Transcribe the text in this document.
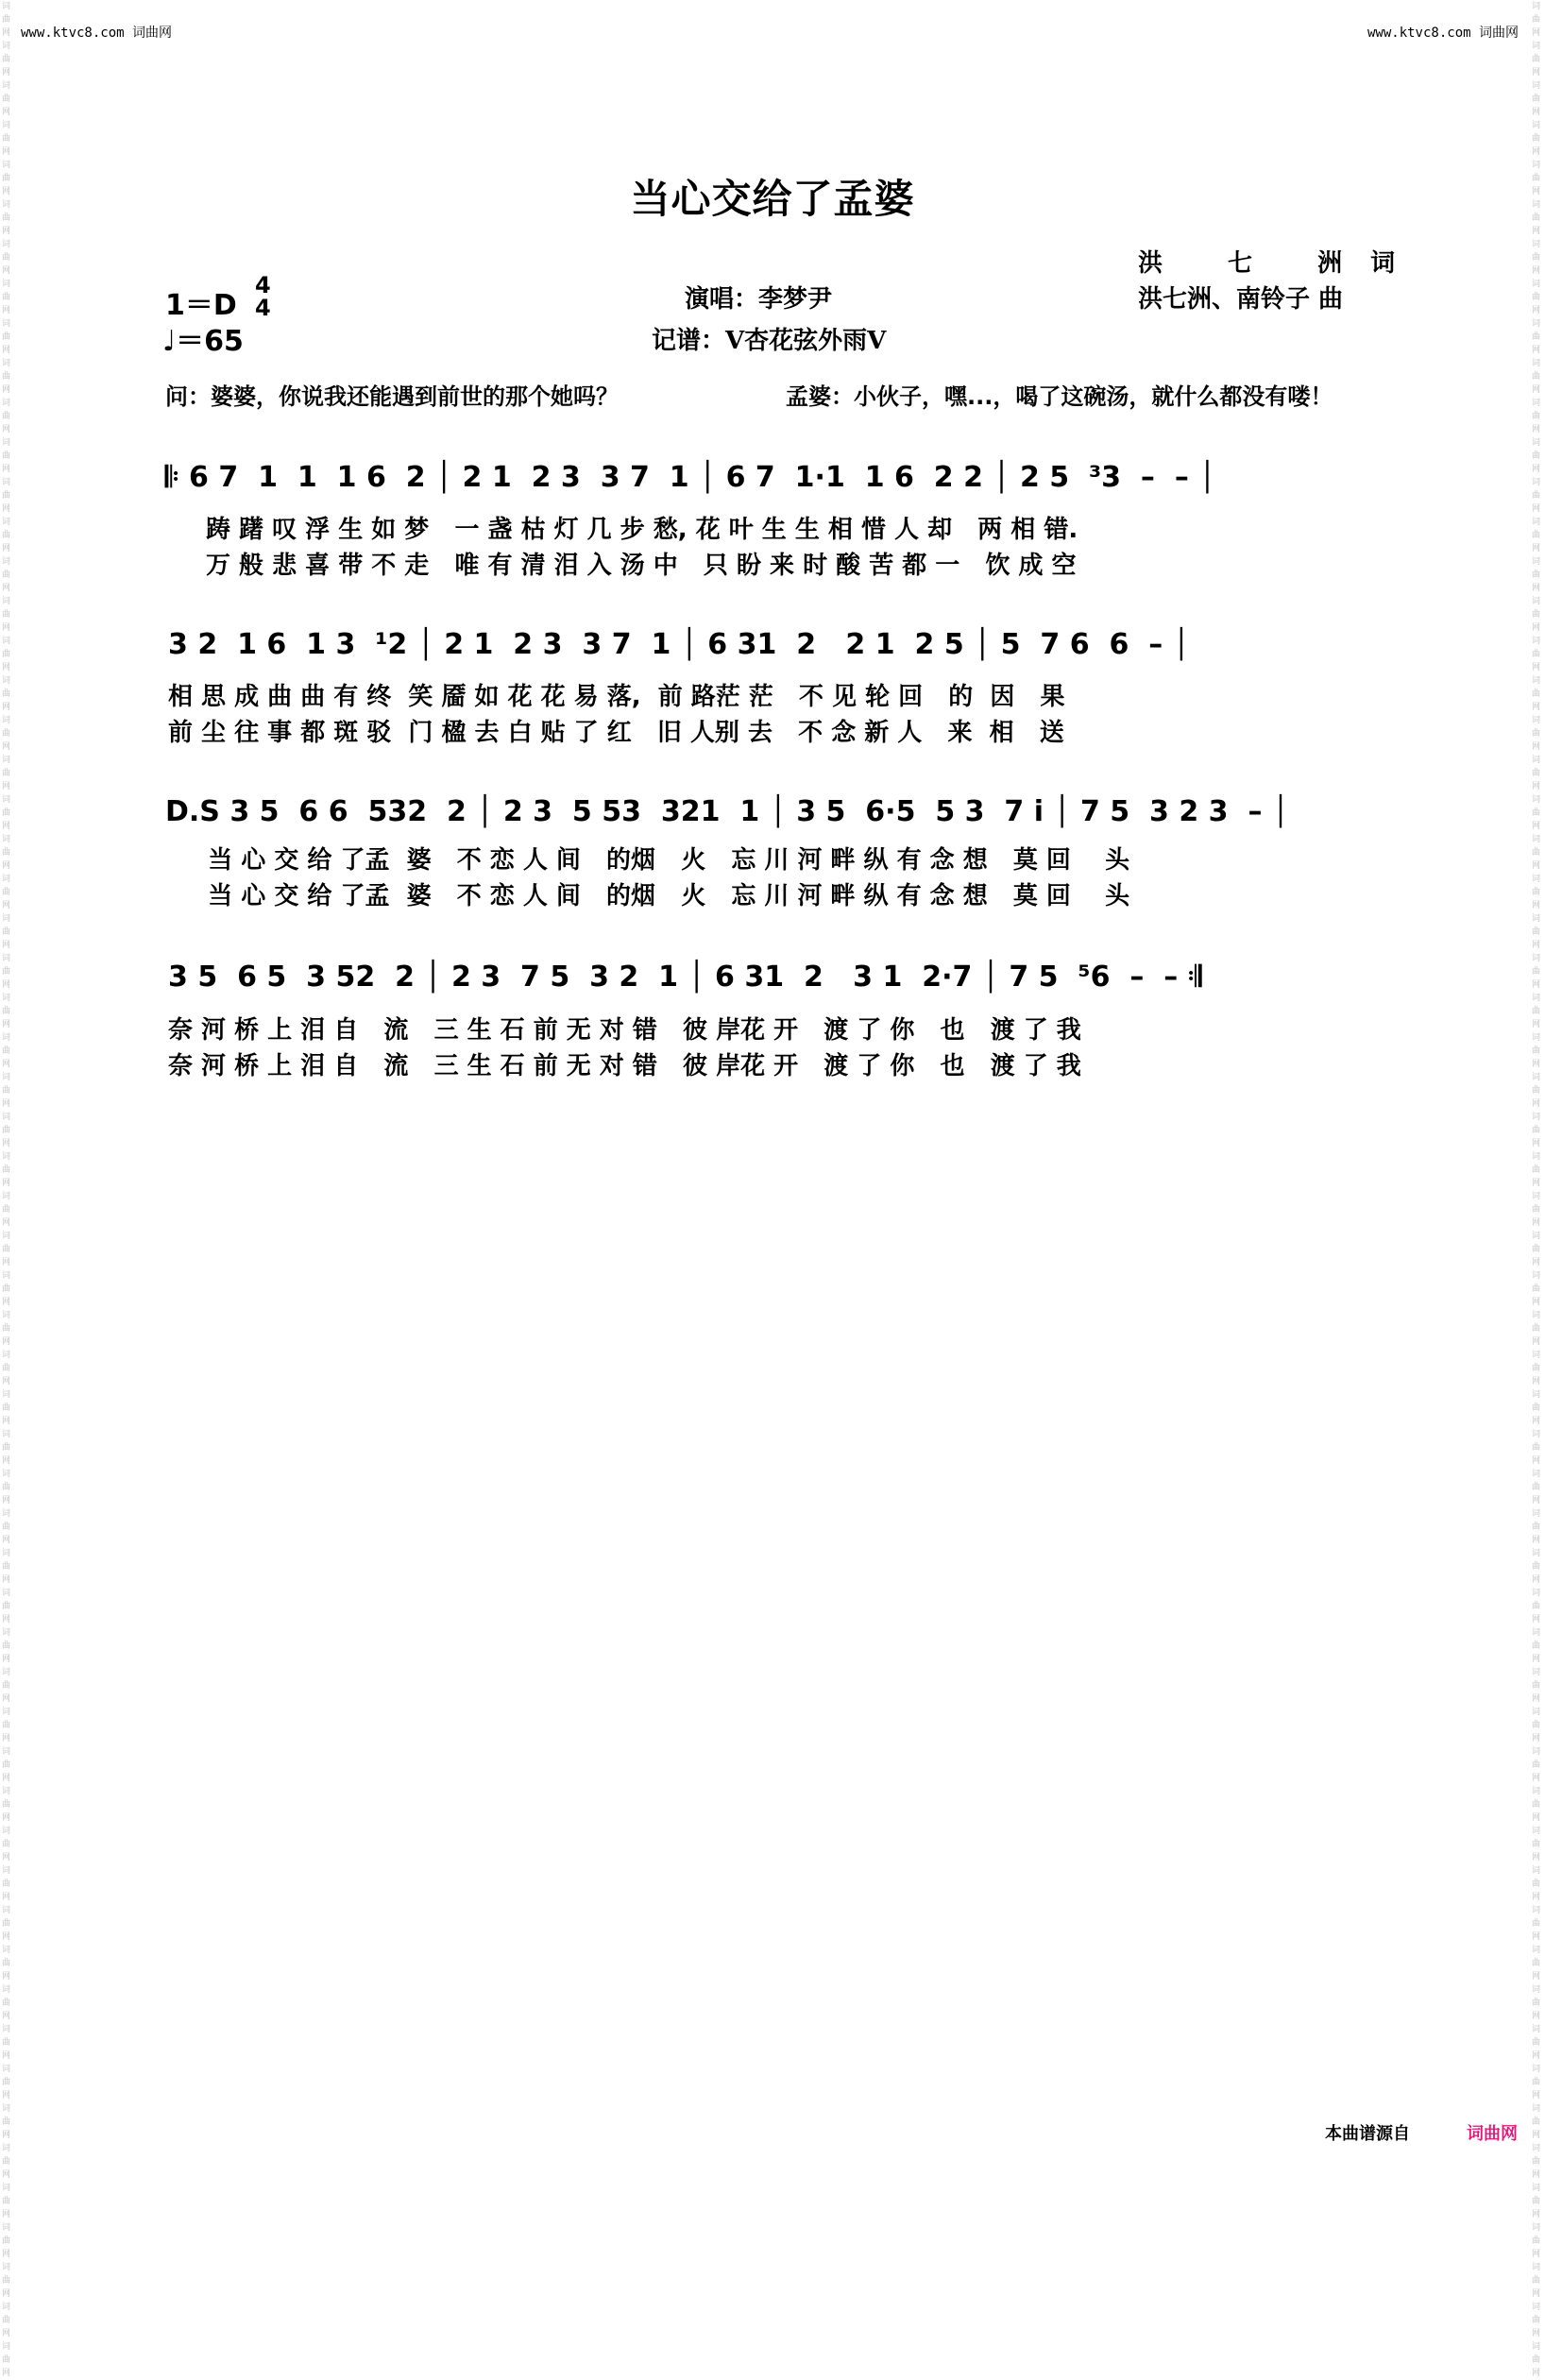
词曲网词曲网词曲网词曲网词曲网词曲网词曲网词曲网词曲网词曲网词曲网词曲网词曲网词曲网词曲网词曲网词曲网词曲网词曲网词曲网词曲网词曲网词曲网词曲网词曲网词曲网词曲网词曲网词曲网词曲网词曲网词曲网词曲网词曲网词曲网词曲网词曲网词曲网词曲网词曲网词曲网词曲网词曲网词曲网词曲网词曲网词曲网词曲网词曲网词曲网词曲网词曲网词曲网词曲网词曲网词曲网词曲网词曲网词曲网词曲网
词曲网词曲网词曲网词曲网词曲网词曲网词曲网词曲网词曲网词曲网词曲网词曲网词曲网词曲网词曲网词曲网词曲网词曲网词曲网词曲网词曲网词曲网词曲网词曲网词曲网词曲网词曲网词曲网词曲网词曲网词曲网词曲网词曲网词曲网词曲网词曲网词曲网词曲网词曲网词曲网词曲网词曲网词曲网词曲网词曲网词曲网词曲网词曲网词曲网词曲网词曲网词曲网词曲网词曲网词曲网词曲网词曲网词曲网词曲网词曲网
www.ktvc8.com 词曲网	www.ktvc8.com 词曲网
当心交给了孟婆
洪 七 洲词
洪七洲、南铃子 曲
演唱：李梦尹
记谱：V杏花弦外雨V
1＝D
4
4
♩＝65
问：婆婆，你说我还能遇到前世的那个她吗？	孟婆：小伙子，嘿...，喝了这碗汤，就什么都没有喽！
𝄆 6 7  1  1  1 6  2 │ 2 1  2 3  3 7  1 │ 6 7  1·1  1 6  2 2 │ 2 5  ³3  –  – │
踌 躇 叹 浮 生 如 梦   一 盏 枯 灯 几 步 愁, 花 叶 生 生 相 惜 人 却   两 相 错.
万 般 悲 喜 带 不 走   唯 有 清 泪 入 汤 中   只 盼 来 时 酸 苦 都 一   饮 成 空
3 2  1 6  1 3  ¹2 │ 2 1  2 3  3 7  1 │ 6 31  2   2 1  2 5 │ 5  7 6  6  – │
相 思 成 曲 曲 有 终  笑 靥 如 花 花 易 落,  前 路茫 茫   不 见 轮 回   的  因   果
前 尘 往 事 都 斑 驳  门 楹 去 白 贴 了 红   旧 人别 去   不 念 新 人   来  相   送
D.S 3 5  6 6  532  2 │ 2 3  5 53  321  1 │ 3 5  6·5  5 3  7 i │ 7 5  3 2 3  – │
当 心 交 给 了孟  婆   不 恋 人 间   的烟   火   忘 川 河 畔 纵 有 念 想   莫 回    头
当 心 交 给 了孟  婆   不 恋 人 间   的烟   火   忘 川 河 畔 纵 有 念 想   莫 回    头
3 5  6 5  3 52  2 │ 2 3  7 5  3 2  1 │ 6 31  2   3 1  2·7 │ 7 5  ⁵6  –  – 𝄇
奈 河 桥 上 泪 自   流   三 生 石 前 无 对 错   彼 岸花 开   渡 了 你   也   渡 了 我
奈 河 桥 上 泪 自   流   三 生 石 前 无 对 错   彼 岸花 开   渡 了 你   也   渡 了 我
本曲谱源自	词曲网
